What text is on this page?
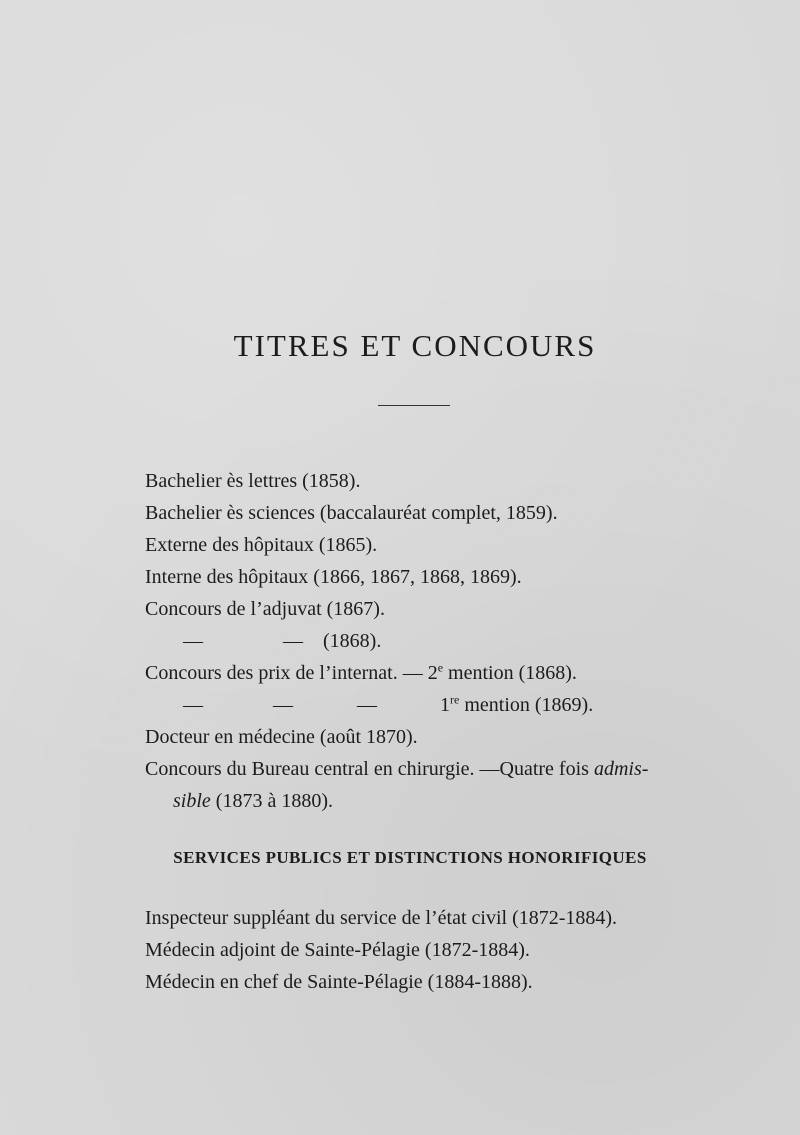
TITRES ET CONCOURS
Bachelier ès lettres (1858).
Bachelier ès sciences (baccalauréat complet, 1859).
Externe des hôpitaux (1865).
Interne des hôpitaux (1866, 1867, 1868, 1869).
Concours de l’adjuvat (1867).
—	— (1868).
Concours des prix de l’internat. — 2e mention (1868).
—	—	—	1re mention (1869).
Docteur en médecine (août 1870).
Concours du Bureau central en chirurgie. —Quatre fois admis-
sible (1873 à 1880).
SERVICES PUBLICS ET DISTINCTIONS HONORIFIQUES
Inspecteur suppléant du service de l’état civil (1872-1884).
Médecin adjoint de Sainte-Pélagie (1872-1884).
Médecin en chef de Sainte-Pélagie (1884-1888).
